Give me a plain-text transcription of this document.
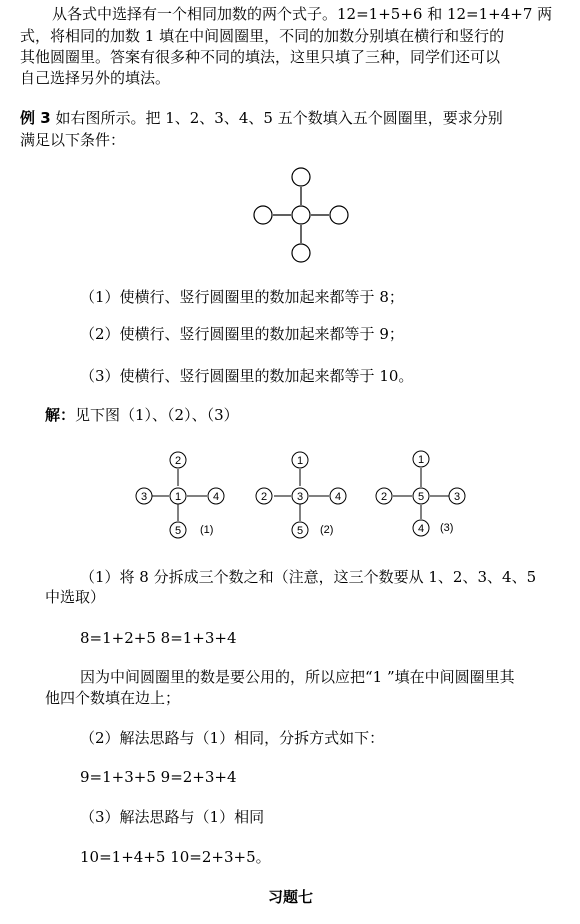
从各式中选择有一个相同加数的两个式子。12=1+5+6 和 12=1+4+7 两
式，将相同的加数 1 填在中间圆圈里，不同的加数分别填在横行和竖行的
其他圆圈里。答案有很多种不同的填法，这里只填了三种，同学们还可以
自己选择另外的填法。
例 3 如右图所示。把 1、2、3、4、5 五个数填入五个圆圈里，要求分别
满足以下条件：
（1）使横行、竖行圆圈里的数加起来都等于 8；
（2）使横行、竖行圆圈里的数加起来都等于 9；
（3）使横行、竖行圆圈里的数加起来都等于 10。
解：见下图（1）、（2）、（3）
2
3	1	4
5 (1)
1
2	3	4
5 (2)
1
2	5	3
4 (3)
（1）将 8 分拆成三个数之和（注意，这三个数要从 1、2、3、4、5
中选取）
8=1+2+5 8=1+3+4
因为中间圆圈里的数是要公用的，所以应把“1 ”填在中间圆圈里其
他四个数填在边上；
（2）解法思路与（1）相同，分拆方式如下：
9=1+3+5 9=2+3+4
（3）解法思路与（1）相同
10=1+4+5 10=2+3+5。
习题七
